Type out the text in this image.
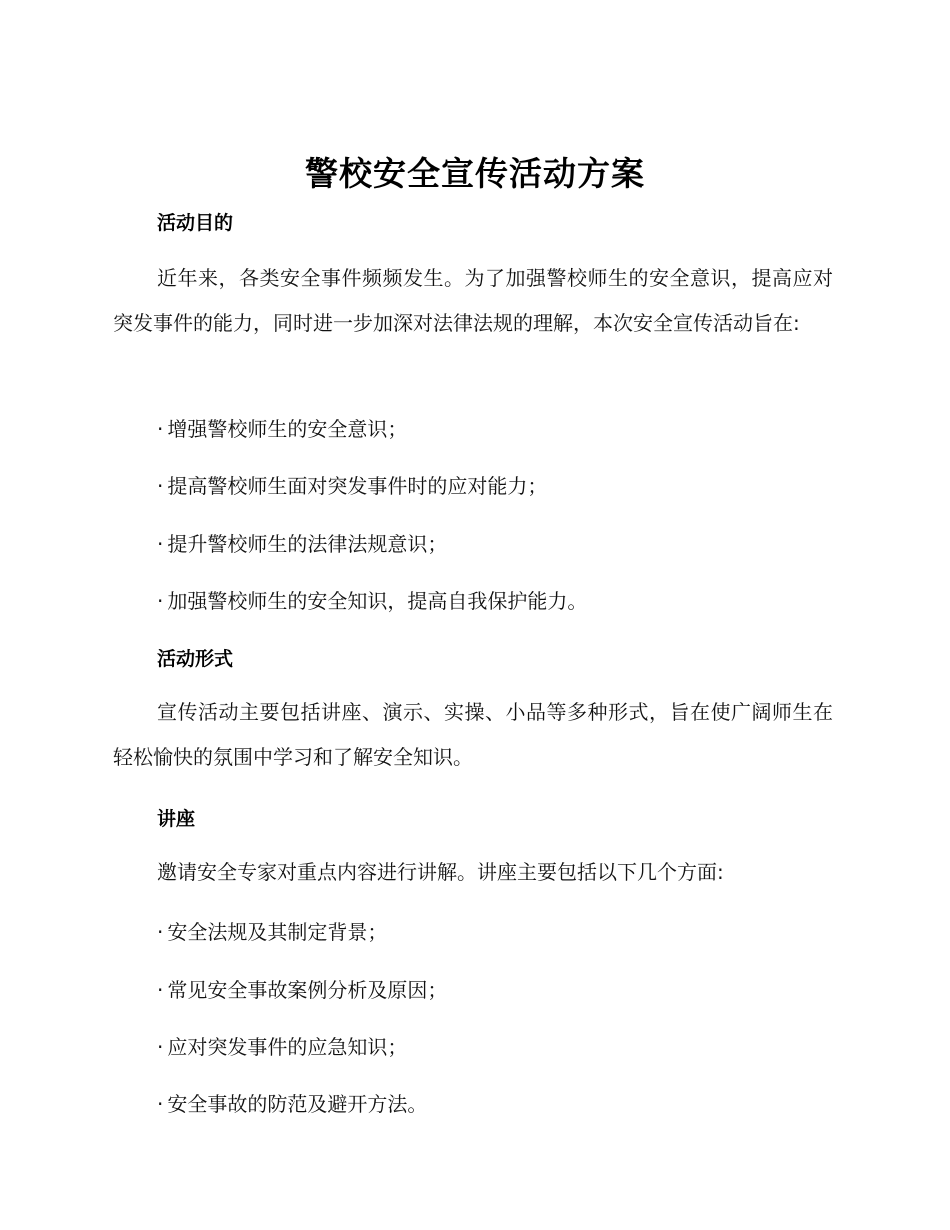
警校安全宣传活动方案
活动目的
近年来，各类安全事件频频发生。为了加强警校师生的安全意识，提高应对突发事件的能力，同时进一步加深对法律法规的理解，本次安全宣传活动旨在:
· 增强警校师生的安全意识；
· 提高警校师生面对突发事件时的应对能力；
· 提升警校师生的法律法规意识；
· 加强警校师生的安全知识，提高自我保护能力。
活动形式
宣传活动主要包括讲座、演示、实操、小品等多种形式，旨在使广阔师生在轻松愉快的氛围中学习和了解安全知识。
讲座
邀请安全专家对重点内容进行讲解。讲座主要包括以下几个方面:
· 安全法规及其制定背景；
· 常见安全事故案例分析及原因；
· 应对突发事件的应急知识；
· 安全事故的防范及避开方法。
